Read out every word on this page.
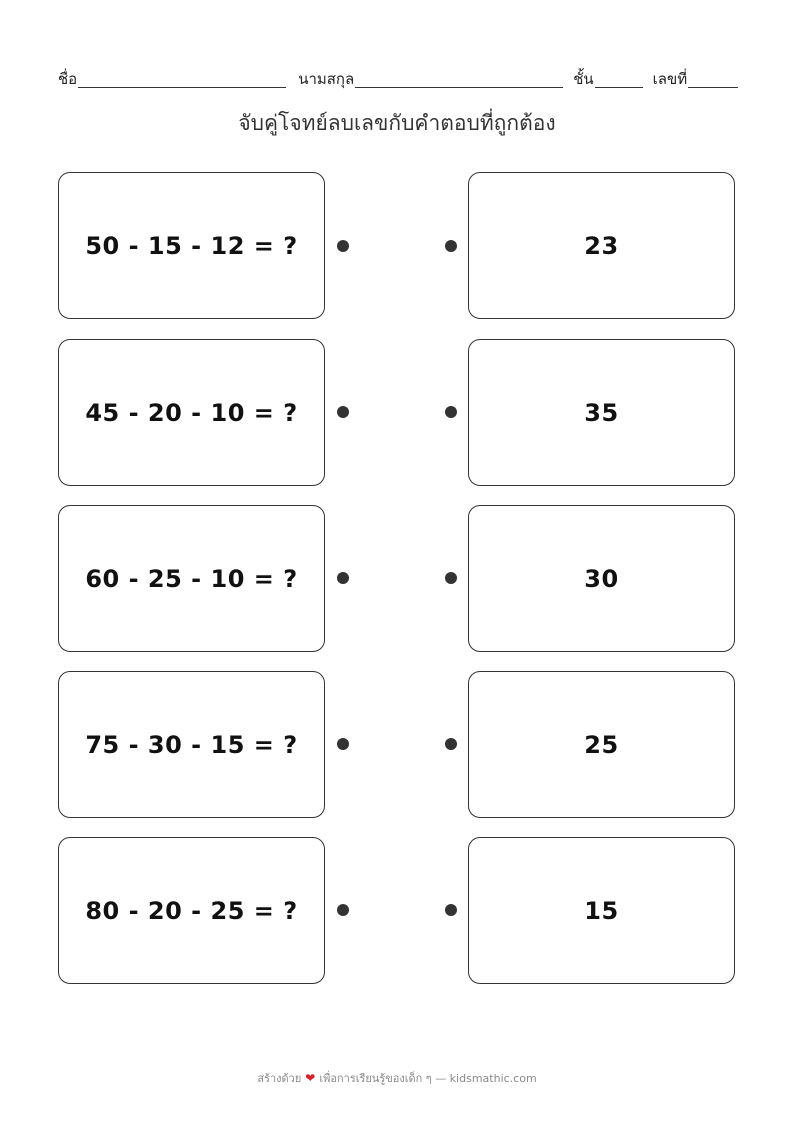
ชื่อ	นามสกุล	ชั้น	เลขที่
จับคู่โจทย์ลบเลขกับคำตอบที่ถูกต้อง
50 - 15 - 12 = ?	23
45 - 20 - 10 = ?	35
60 - 25 - 10 = ?	30
75 - 30 - 15 = ?	25
80 - 20 - 25 = ?	15
สร้างด้วย ❤ เพื่อการเรียนรู้ของเด็ก ๆ — kidsmathic.com
